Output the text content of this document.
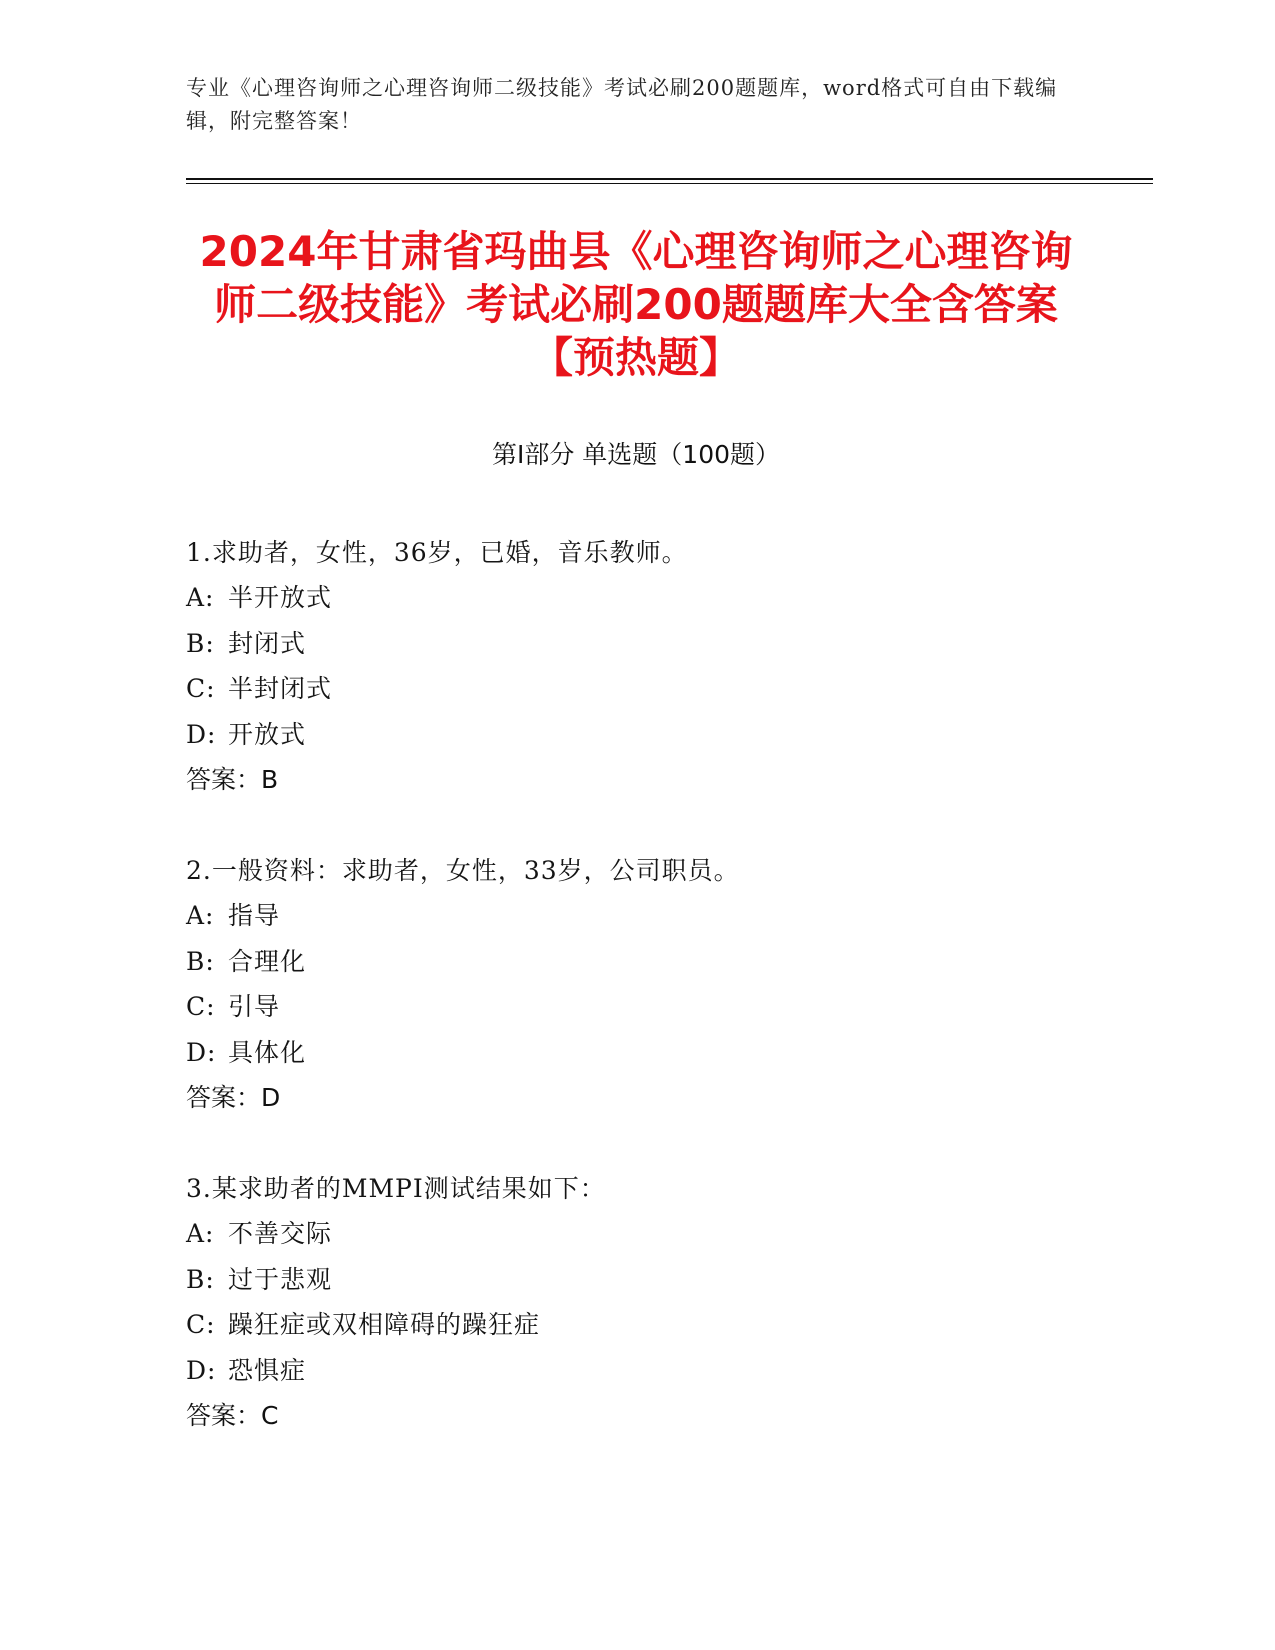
专业《心理咨询师之心理咨询师二级技能》考试必刷200题题库，word格式可自由下载编辑，附完整答案！
2024年甘肃省玛曲县《心理咨询师之心理咨询师二级技能》考试必刷200题题库大全含答案【预热题】
第I部分 单选题（100题）
1.求助者，女性，36岁，已婚，音乐教师。
A: 半开放式
B: 封闭式
C: 半封闭式
D: 开放式
答案：B
2.一般资料：求助者，女性，33岁，公司职员。
A: 指导
B: 合理化
C: 引导
D: 具体化
答案：D
3.某求助者的MMPI测试结果如下：
A: 不善交际
B: 过于悲观
C: 躁狂症或双相障碍的躁狂症
D: 恐惧症
答案：C
